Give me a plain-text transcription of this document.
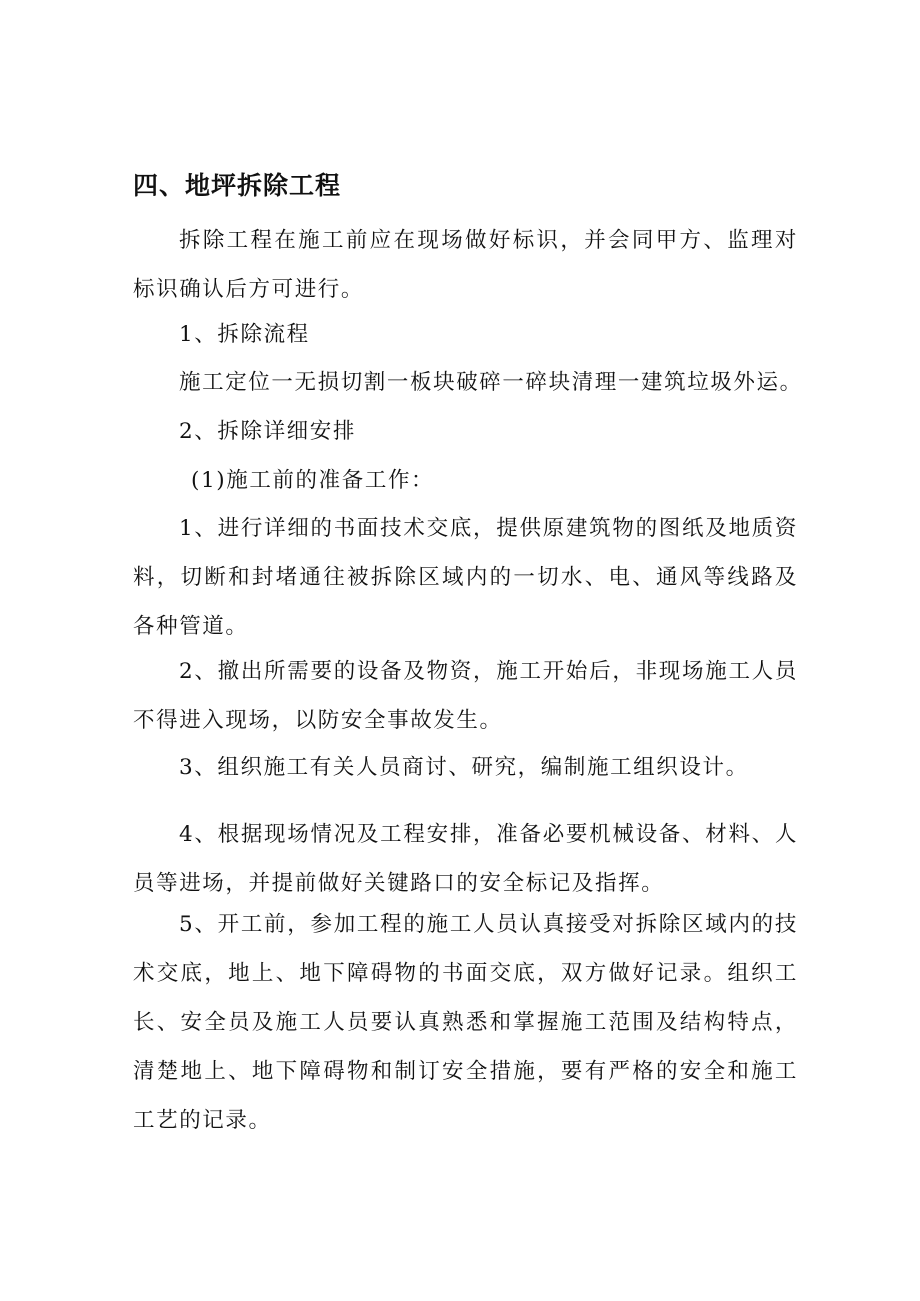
四、地坪拆除工程

拆除工程在施工前应在现场做好标识，并会同甲方、监理对标识确认后方可进行。

1、拆除流程

施工定位一无损切割一板块破碎一碎块清理一建筑垃圾外运。

2、拆除详细安排

(1)施工前的准备工作：

1、进行详细的书面技术交底，提供原建筑物的图纸及地质资料，切断和封堵通往被拆除区域内的一切水、电、通风等线路及各种管道。

2、撤出所需要的设备及物资，施工开始后，非现场施工人员不得进入现场，以防安全事故发生。

3、组织施工有关人员商讨、研究，编制施工组织设计。

4、根据现场情况及工程安排，准备必要机械设备、材料、人员等进场，并提前做好关键路口的安全标记及指挥。

5、开工前，参加工程的施工人员认真接受对拆除区域内的技术交底，地上、地下障碍物的书面交底，双方做好记录。组织工长、安全员及施工人员要认真熟悉和掌握施工范围及结构特点，清楚地上、地下障碍物和制订安全措施，要有严格的安全和施工工艺的记录。
